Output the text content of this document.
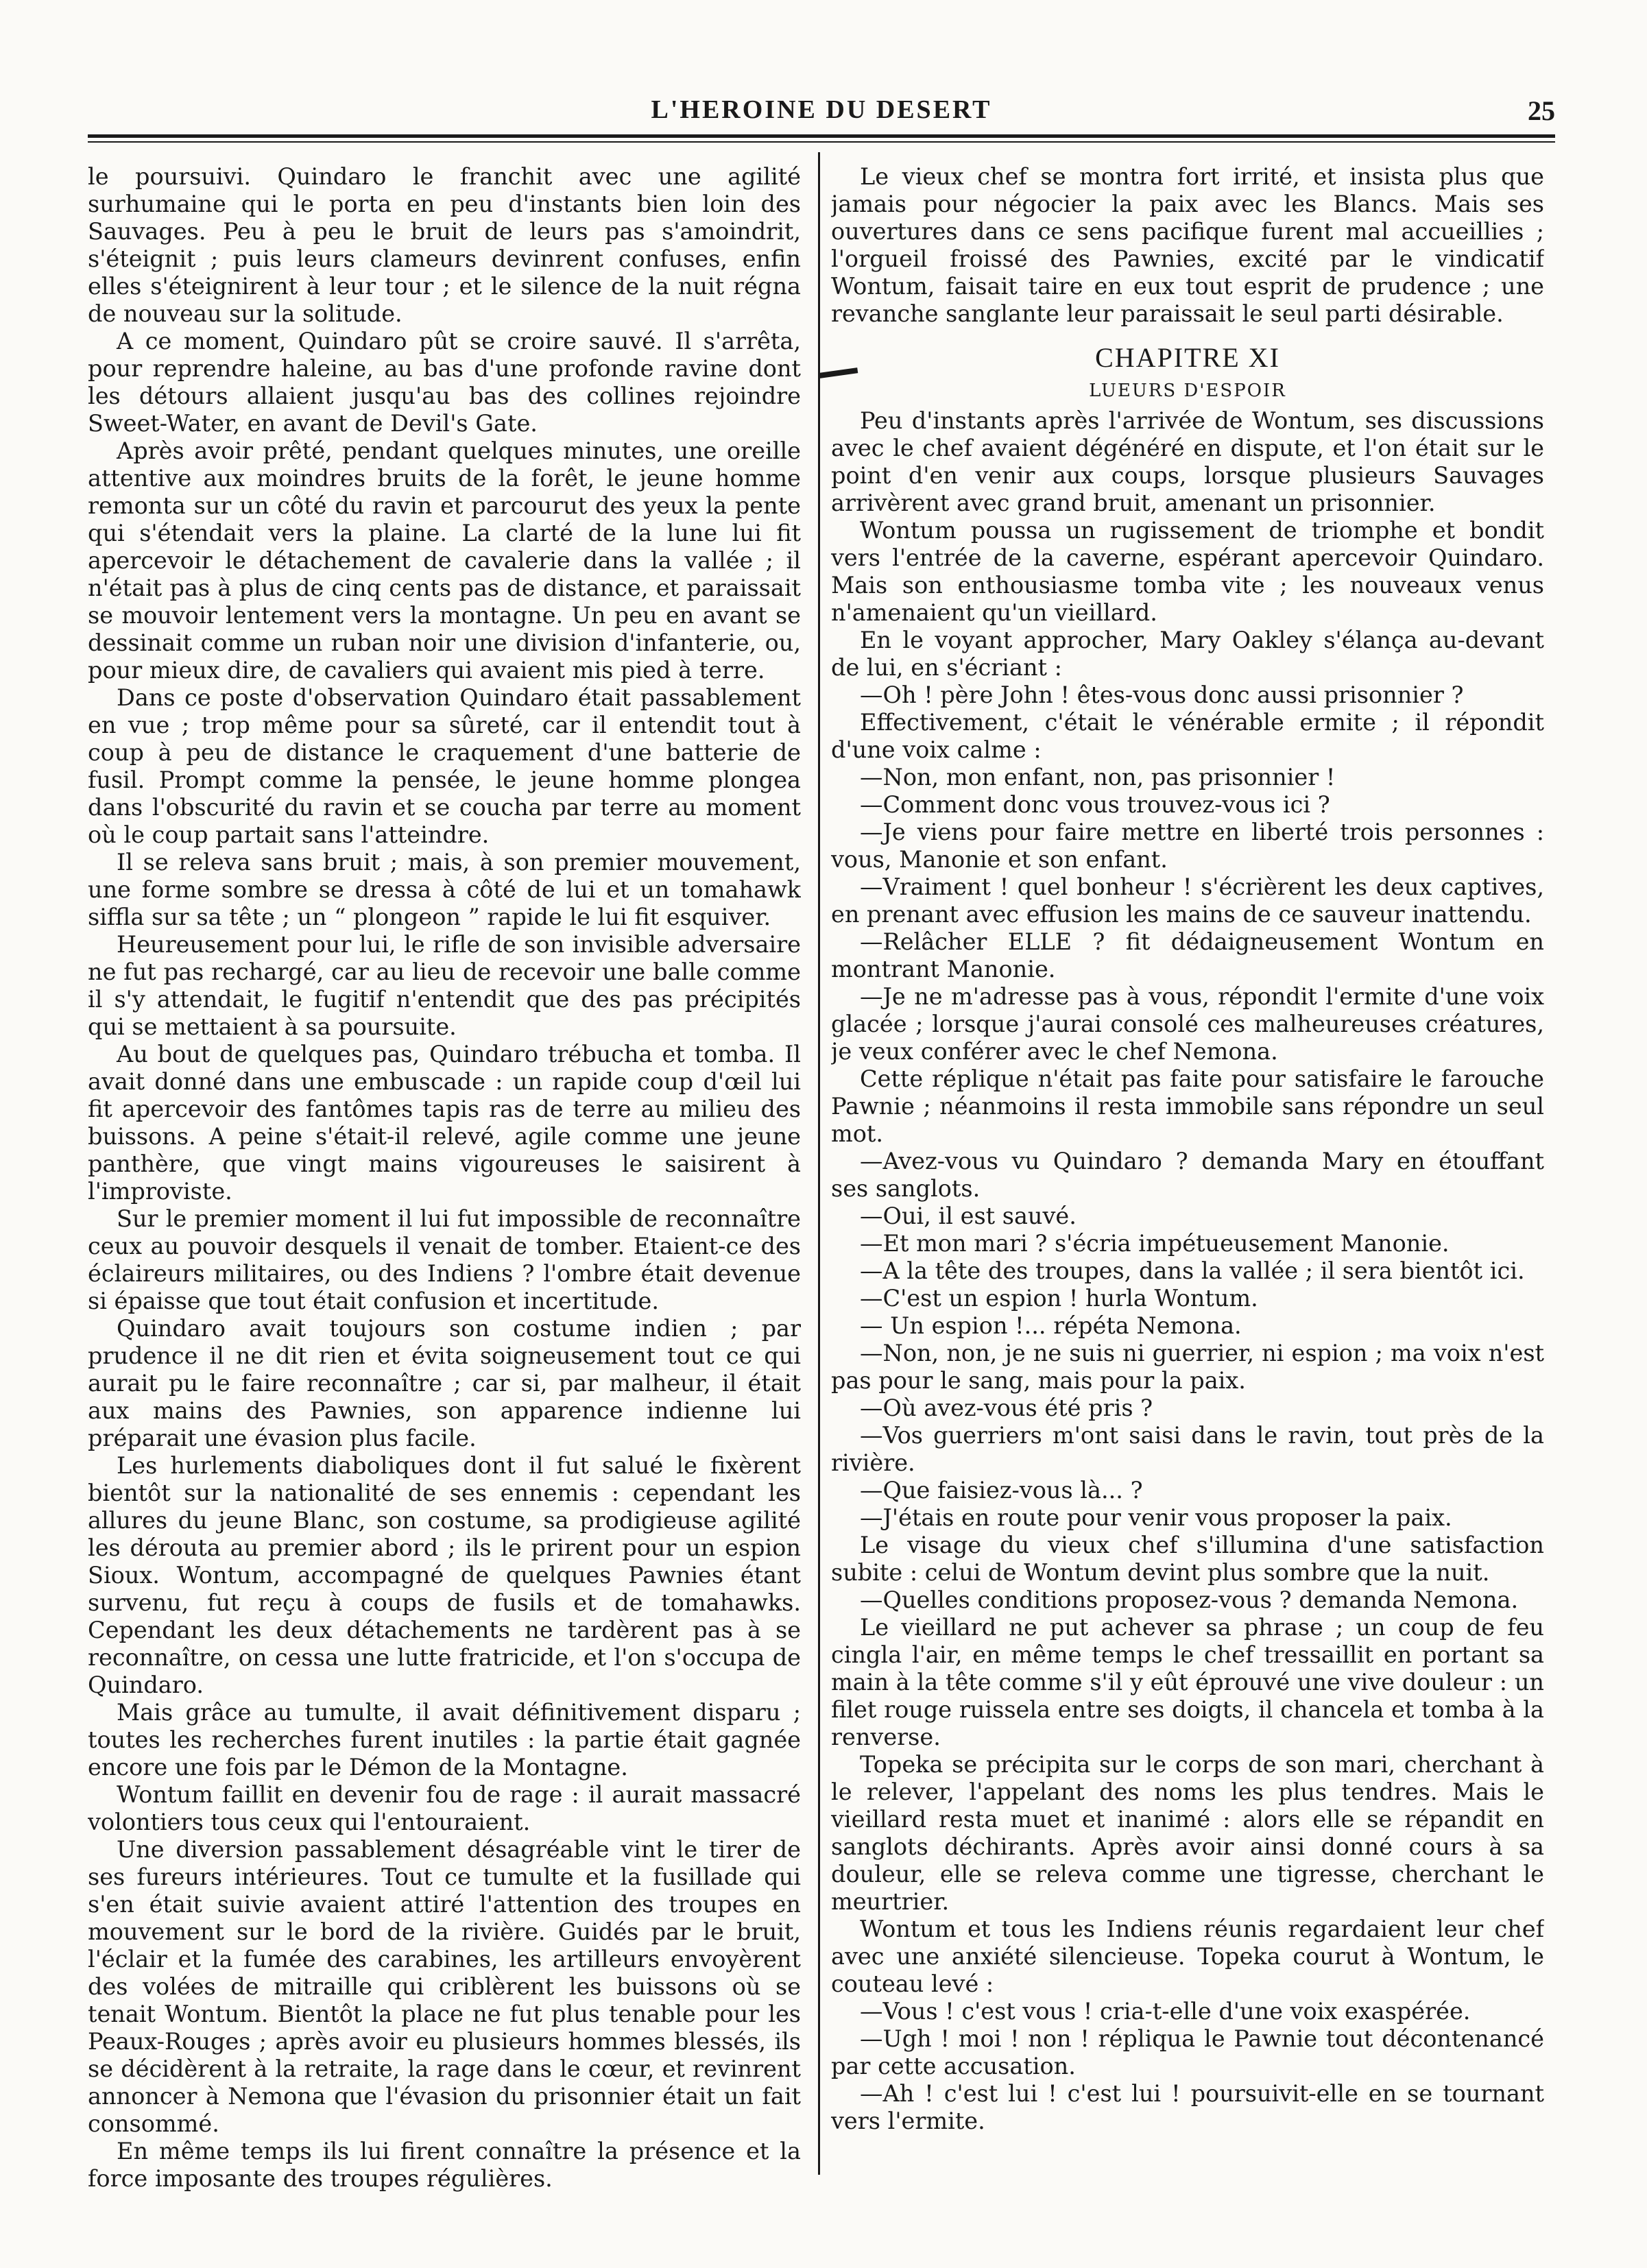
L'HEROINE DU DESERT	25

le poursuivi. Quindaro le franchit avec une agilité surhumaine qui le porta en peu d'instants bien loin des Sauvages. Peu à peu le bruit de leurs pas s'amoindrit, s'éteignit ; puis leurs clameurs devinrent confuses, enfin elles s'éteignirent à leur tour ; et le silence de la nuit régna de nouveau sur la solitude.

A ce moment, Quindaro pût se croire sauvé. Il s'arrêta, pour reprendre haleine, au bas d'une profonde ravine dont les détours allaient jusqu'au bas des collines rejoindre Sweet-Water, en avant de Devil's Gate.

Après avoir prêté, pendant quelques minutes, une oreille attentive aux moindres bruits de la forêt, le jeune homme remonta sur un côté du ravin et parcourut des yeux la pente qui s'étendait vers la plaine. La clarté de la lune lui fit apercevoir le détachement de cavalerie dans la vallée ; il n'était pas à plus de cinq cents pas de distance, et paraissait se mouvoir lentement vers la montagne. Un peu en avant se dessinait comme un ruban noir une division d'infanterie, ou, pour mieux dire, de cavaliers qui avaient mis pied à terre.

Dans ce poste d'observation Quindaro était passablement en vue ; trop même pour sa sûreté, car il entendit tout à coup à peu de distance le craquement d'une batterie de fusil. Prompt comme la pensée, le jeune homme plongea dans l'obscurité du ravin et se coucha par terre au moment où le coup partait sans l'atteindre.

Il se releva sans bruit ; mais, à son premier mouvement, une forme sombre se dressa à côté de lui et un tomahawk siffla sur sa tête ; un “ plongeon ” rapide le lui fit esquiver.

Heureusement pour lui, le rifle de son invisible adversaire ne fut pas rechargé, car au lieu de recevoir une balle comme il s'y attendait, le fugitif n'entendit que des pas précipités qui se mettaient à sa poursuite.

Au bout de quelques pas, Quindaro trébucha et tomba. Il avait donné dans une embuscade : un rapide coup d'œil lui fit apercevoir des fantômes tapis ras de terre au milieu des buissons. A peine s'était-il relevé, agile comme une jeune panthère, que vingt mains vigoureuses le saisirent à l'improviste.

Sur le premier moment il lui fut impossible de reconnaître ceux au pouvoir desquels il venait de tomber. Etaient-ce des éclaireurs militaires, ou des Indiens ? l'ombre était devenue si épaisse que tout était confusion et incertitude.

Quindaro avait toujours son costume indien ; par prudence il ne dit rien et évita soigneusement tout ce qui aurait pu le faire reconnaître ; car si, par malheur, il était aux mains des Pawnies, son apparence indienne lui préparait une évasion plus facile.

Les hurlements diaboliques dont il fut salué le fixèrent bientôt sur la nationalité de ses ennemis : cependant les allures du jeune Blanc, son costume, sa prodigieuse agilité les dérouta au premier abord ; ils le prirent pour un espion Sioux. Wontum, accompagné de quelques Pawnies étant survenu, fut reçu à coups de fusils et de tomahawks. Cependant les deux détachements ne tardèrent pas à se reconnaître, on cessa une lutte fratricide, et l'on s'occupa de Quindaro.

Mais grâce au tumulte, il avait définitivement disparu ; toutes les recherches furent inutiles : la partie était gagnée encore une fois par le Démon de la Montagne.

Wontum faillit en devenir fou de rage : il aurait massacré volontiers tous ceux qui l'entouraient.

Une diversion passablement désagréable vint le tirer de ses fureurs intérieures. Tout ce tumulte et la fusillade qui s'en était suivie avaient attiré l'attention des troupes en mouvement sur le bord de la rivière. Guidés par le bruit, l'éclair et la fumée des carabines, les artilleurs envoyèrent des volées de mitraille qui criblèrent les buissons où se tenait Wontum. Bientôt la place ne fut plus tenable pour les Peaux-Rouges ; après avoir eu plusieurs hommes blessés, ils se décidèrent à la retraite, la rage dans le cœur, et revinrent annoncer à Nemona que l'évasion du prisonnier était un fait consommé.

En même temps ils lui firent connaître la présence et la force imposante des troupes régulières.

Le vieux chef se montra fort irrité, et insista plus que jamais pour négocier la paix avec les Blancs. Mais ses ouvertures dans ce sens pacifique furent mal accueillies ; l'orgueil froissé des Pawnies, excité par le vindicatif Wontum, faisait taire en eux tout esprit de prudence ; une revanche sanglante leur paraissait le seul parti désirable.

CHAPITRE XI
LUEURS D'ESPOIR

Peu d'instants après l'arrivée de Wontum, ses discussions avec le chef avaient dégénéré en dispute, et l'on était sur le point d'en venir aux coups, lorsque plusieurs Sauvages arrivèrent avec grand bruit, amenant un prisonnier.

Wontum poussa un rugissement de triomphe et bondit vers l'entrée de la caverne, espérant apercevoir Quindaro. Mais son enthousiasme tomba vite ; les nouveaux venus n'amenaient qu'un vieillard.

En le voyant approcher, Mary Oakley s'élança au-devant de lui, en s'écriant :

—Oh ! père John ! êtes-vous donc aussi prisonnier ?

Effectivement, c'était le vénérable ermite ; il répondit d'une voix calme :

—Non, mon enfant, non, pas prisonnier !

—Comment donc vous trouvez-vous ici ?

—Je viens pour faire mettre en liberté trois personnes : vous, Manonie et son enfant.

—Vraiment ! quel bonheur ! s'écrièrent les deux captives, en prenant avec effusion les mains de ce sauveur inattendu.

—Relâcher ELLE ? fit dédaigneusement Wontum en montrant Manonie.

—Je ne m'adresse pas à vous, répondit l'ermite d'une voix glacée ; lorsque j'aurai consolé ces malheureuses créatures, je veux conférer avec le chef Nemona.

Cette réplique n'était pas faite pour satisfaire le farouche Pawnie ; néanmoins il resta immobile sans répondre un seul mot.

—Avez-vous vu Quindaro ? demanda Mary en étouffant ses sanglots.

—Oui, il est sauvé.

—Et mon mari ? s'écria impétueusement Manonie.

—A la tête des troupes, dans la vallée ; il sera bientôt ici.

—C'est un espion ! hurla Wontum.

— Un espion !... répéta Nemona.

—Non, non, je ne suis ni guerrier, ni espion ; ma voix n'est pas pour le sang, mais pour la paix.

—Où avez-vous été pris ?

—Vos guerriers m'ont saisi dans le ravin, tout près de la rivière.

—Que faisiez-vous là... ?

—J'étais en route pour venir vous proposer la paix.

Le visage du vieux chef s'illumina d'une satisfaction subite : celui de Wontum devint plus sombre que la nuit.

—Quelles conditions proposez-vous ? demanda Nemona.

Le vieillard ne put achever sa phrase ; un coup de feu cingla l'air, en même temps le chef tressaillit en portant sa main à la tête comme s'il y eût éprouvé une vive douleur : un filet rouge ruissela entre ses doigts, il chancela et tomba à la renverse.

Topeka se précipita sur le corps de son mari, cherchant à le relever, l'appelant des noms les plus tendres. Mais le vieillard resta muet et inanimé : alors elle se répandit en sanglots déchirants. Après avoir ainsi donné cours à sa douleur, elle se releva comme une tigresse, cherchant le meurtrier.

Wontum et tous les Indiens réunis regardaient leur chef avec une anxiété silencieuse. Topeka courut à Wontum, le couteau levé :

—Vous ! c'est vous ! cria-t-elle d'une voix exaspérée.

—Ugh ! moi ! non ! répliqua le Pawnie tout décontenancé par cette accusation.

—Ah ! c'est lui ! c'est lui ! poursuivit-elle en se tournant vers l'ermite.
